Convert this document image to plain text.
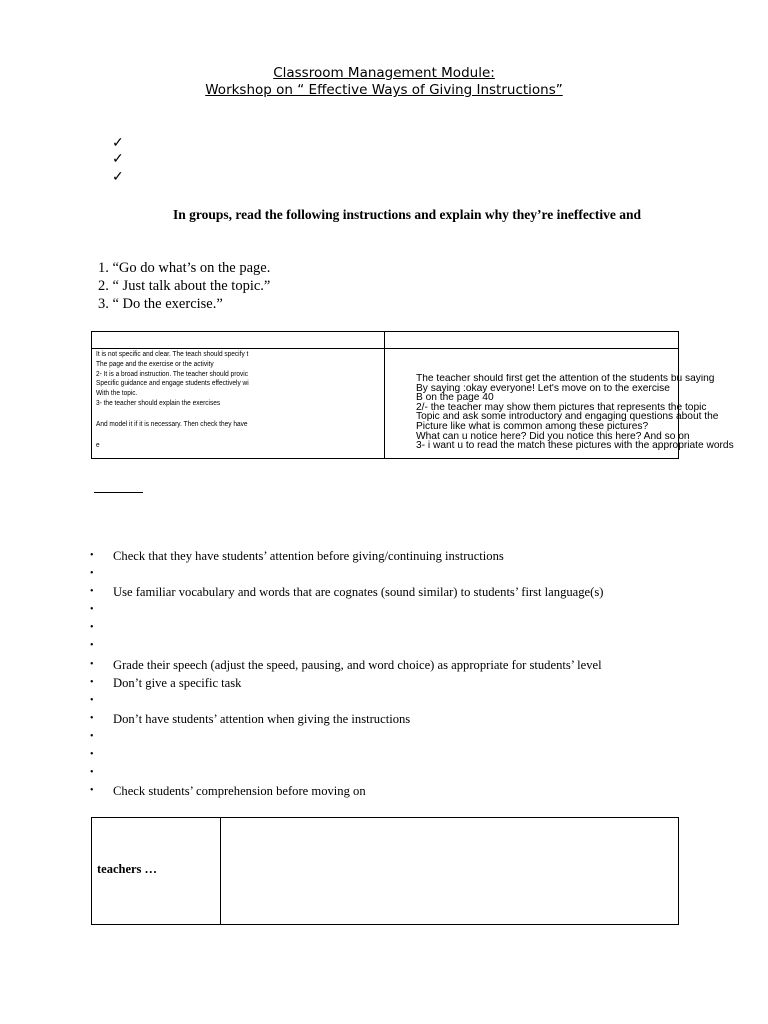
Classroom Management Module:
Workshop on “ Effective Ways of Giving Instructions”
✓
✓
✓
In groups, read the following instructions and explain why they’re ineffective and
1. “Go do what’s on the page.
2. “ Just talk about the topic.”
3. “ Do the exercise.”
It is not specific and clear. The teach should specify t
The page and the exercise or the activity
2- It is a broad instruction. The teacher should provic
Specific guidance and engage students effectively wi
With the topic.
3- the teacher should explain the exercises
And model it if it is necessary. Then check they have
e
The teacher should first get the attention of the students bu saying
By saying :okay everyone! Let's move on to the exercise
B on the page 40
2/- the teacher may show them pictures that represents the topic
Topic and ask some introductory and engaging questions about the
Picture like what is common among these pictures?
What can u notice here? Did you notice this here? And so on
3- i want u to read the match these pictures with the appropriate words
• Check that they have students’ attention before giving/continuing instructions
•
• Use familiar vocabulary and words that are cognates (sound similar) to students’ first language(s)
•
•
•
• Grade their speech (adjust the speed, pausing, and word choice) as appropriate for students’ level
• Don’t give a specific task
•
• Don’t have students’ attention when giving the instructions
•
•
•
• Check students’ comprehension before moving on
teachers …
